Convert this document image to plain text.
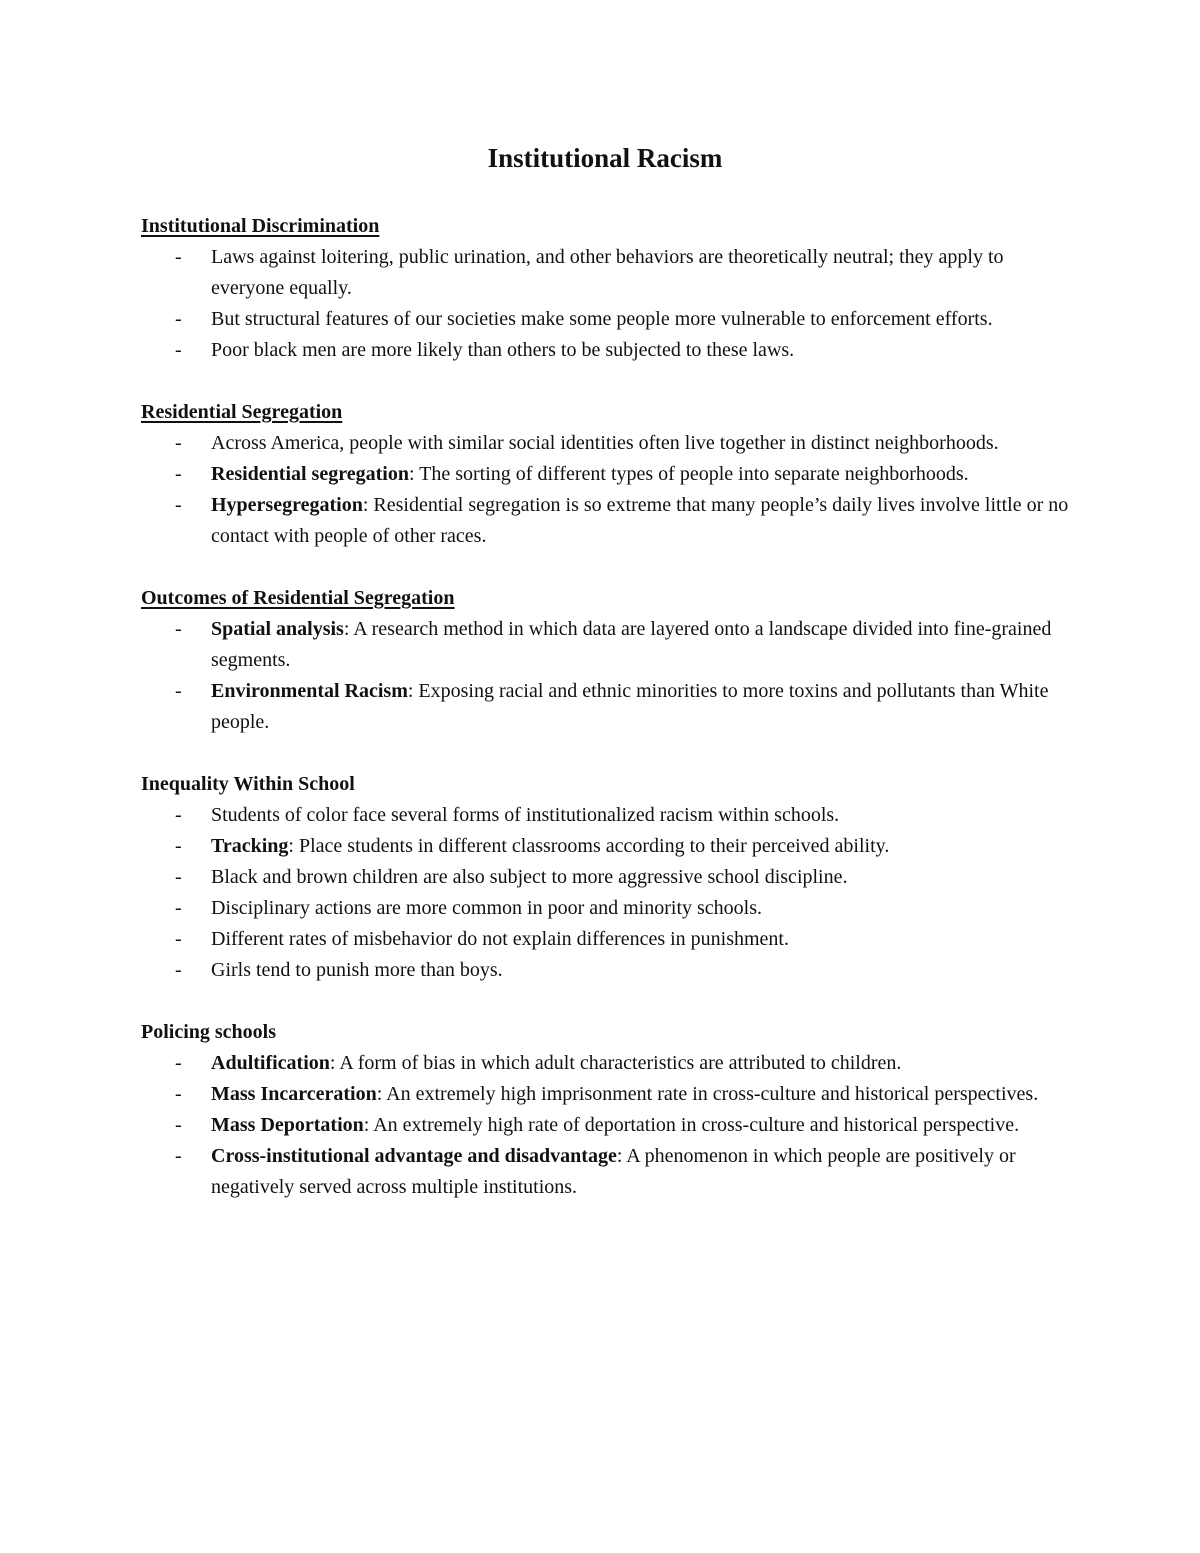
Institutional Racism
Institutional Discrimination
- Laws against loitering, public urination, and other behaviors are theoretically neutral; they apply to everyone equally.
- But structural features of our societies make some people more vulnerable to enforcement efforts.
- Poor black men are more likely than others to be subjected to these laws.
Residential Segregation
- Across America, people with similar social identities often live together in distinct neighborhoods.
- Residential segregation: The sorting of different types of people into separate neighborhoods.
- Hypersegregation: Residential segregation is so extreme that many people’s daily lives involve little or no contact with people of other races.
Outcomes of Residential Segregation
- Spatial analysis: A research method in which data are layered onto a landscape divided into fine-grained segments.
- Environmental Racism: Exposing racial and ethnic minorities to more toxins and pollutants than White people.
Inequality Within School
- Students of color face several forms of institutionalized racism within schools.
- Tracking: Place students in different classrooms according to their perceived ability.
- Black and brown children are also subject to more aggressive school discipline.
- Disciplinary actions are more common in poor and minority schools.
- Different rates of misbehavior do not explain differences in punishment.
- Girls tend to punish more than boys.
Policing schools
- Adultification: A form of bias in which adult characteristics are attributed to children.
- Mass Incarceration: An extremely high imprisonment rate in cross-culture and historical perspectives.
- Mass Deportation: An extremely high rate of deportation in cross-culture and historical perspective.
- Cross-institutional advantage and disadvantage: A phenomenon in which people are positively or negatively served across multiple institutions.
